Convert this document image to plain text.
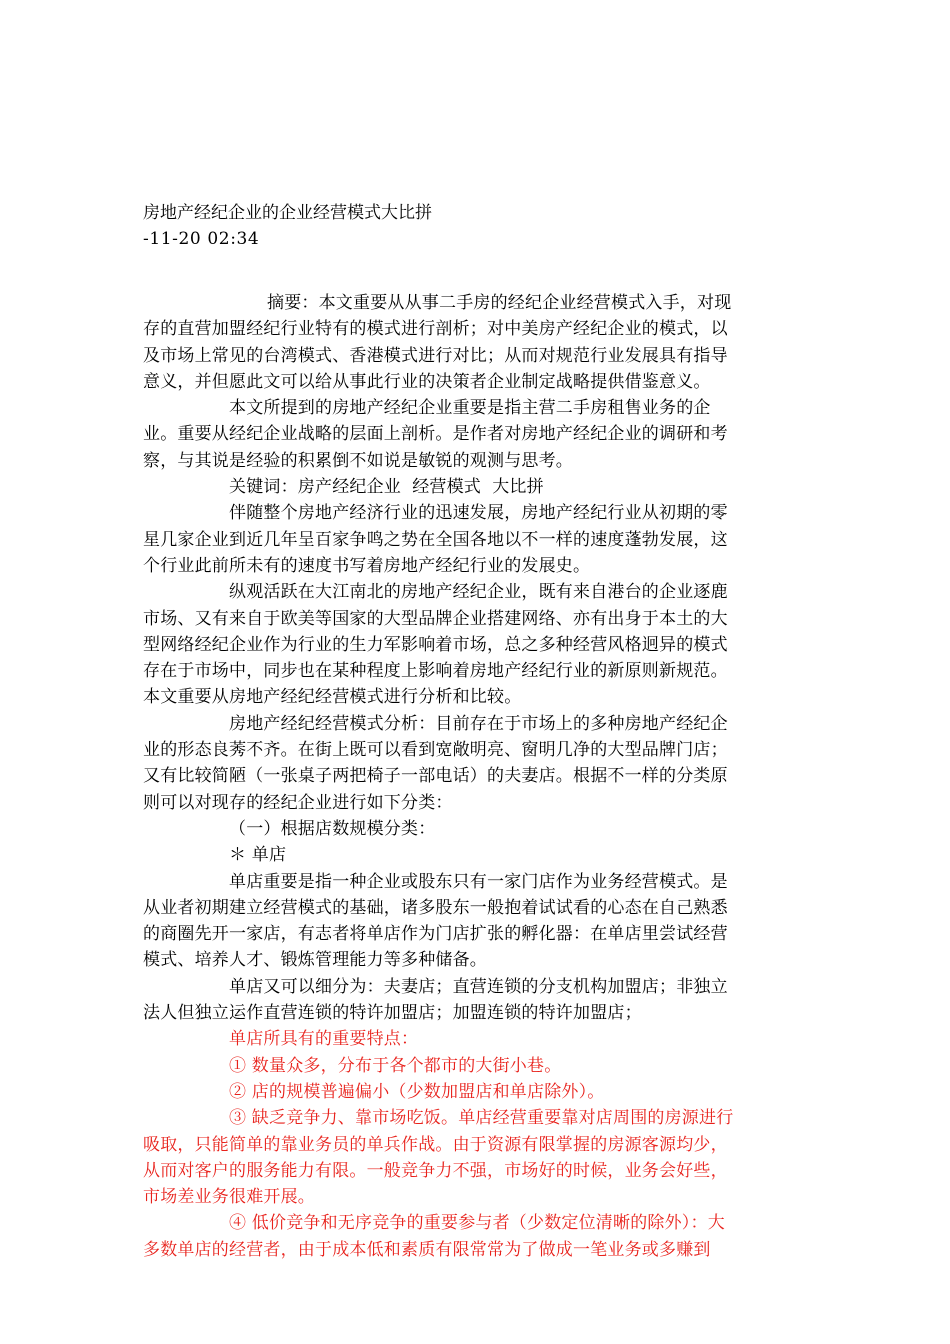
房地产经纪企业的企业经营模式大比拼
-11-20 02:34
摘要：本文重要从从事二手房的经纪企业经营模式入手，对现
存的直营加盟经纪行业特有的模式进行剖析；对中美房产经纪企业的模式，以
及市场上常见的台湾模式、香港模式进行对比；从而对规范行业发展具有指导
意义，并但愿此文可以给从事此行业的决策者企业制定战略提供借鉴意义。
本文所提到的房地产经纪企业重要是指主营二手房租售业务的企
业。重要从经纪企业战略的层面上剖析。是作者对房地产经纪企业的调研和考
察，与其说是经验的积累倒不如说是敏锐的观测与思考。
关键词：房产经纪企业  经营模式  大比拼
伴随整个房地产经济行业的迅速发展，房地产经纪行业从初期的零
星几家企业到近几年呈百家争鸣之势在全国各地以不一样的速度蓬勃发展，这
个行业此前所未有的速度书写着房地产经纪行业的发展史。
纵观活跃在大江南北的房地产经纪企业，既有来自港台的企业逐鹿
市场、又有来自于欧美等国家的大型品牌企业搭建网络、亦有出身于本土的大
型网络经纪企业作为行业的生力军影响着市场，总之多种经营风格迥异的模式
存在于市场中，同步也在某种程度上影响着房地产经纪行业的新原则新规范。
本文重要从房地产经纪经营模式进行分析和比较。
房地产经纪经营模式分析：目前存在于市场上的多种房地产经纪企
业的形态良莠不齐。在街上既可以看到宽敞明亮、窗明几净的大型品牌门店；
又有比较简陋（一张桌子两把椅子一部电话）的夫妻店。根据不一样的分类原
则可以对现存的经纪企业进行如下分类：
（一）根据店数规模分类：
＊ 单店
单店重要是指一种企业或股东只有一家门店作为业务经营模式。是
从业者初期建立经营模式的基础，诸多股东一般抱着试试看的心态在自己熟悉
的商圈先开一家店，有志者将单店作为门店扩张的孵化器：在单店里尝试经营
模式、培养人才、锻炼管理能力等多种储备。
单店又可以细分为：夫妻店；直营连锁的分支机构加盟店；非独立
法人但独立运作直营连锁的特许加盟店；加盟连锁的特许加盟店；
单店所具有的重要特点：
① 数量众多，分布于各个都市的大街小巷。
② 店的规模普遍偏小（少数加盟店和单店除外）。
③ 缺乏竞争力、靠市场吃饭。单店经营重要靠对店周围的房源进行
吸取，只能简单的靠业务员的单兵作战。由于资源有限掌握的房源客源均少，
从而对客户的服务能力有限。一般竞争力不强，市场好的时候，业务会好些，
市场差业务很难开展。
④ 低价竞争和无序竞争的重要参与者（少数定位清晰的除外）：大
多数单店的经营者，由于成本低和素质有限常常为了做成一笔业务或多赚到
